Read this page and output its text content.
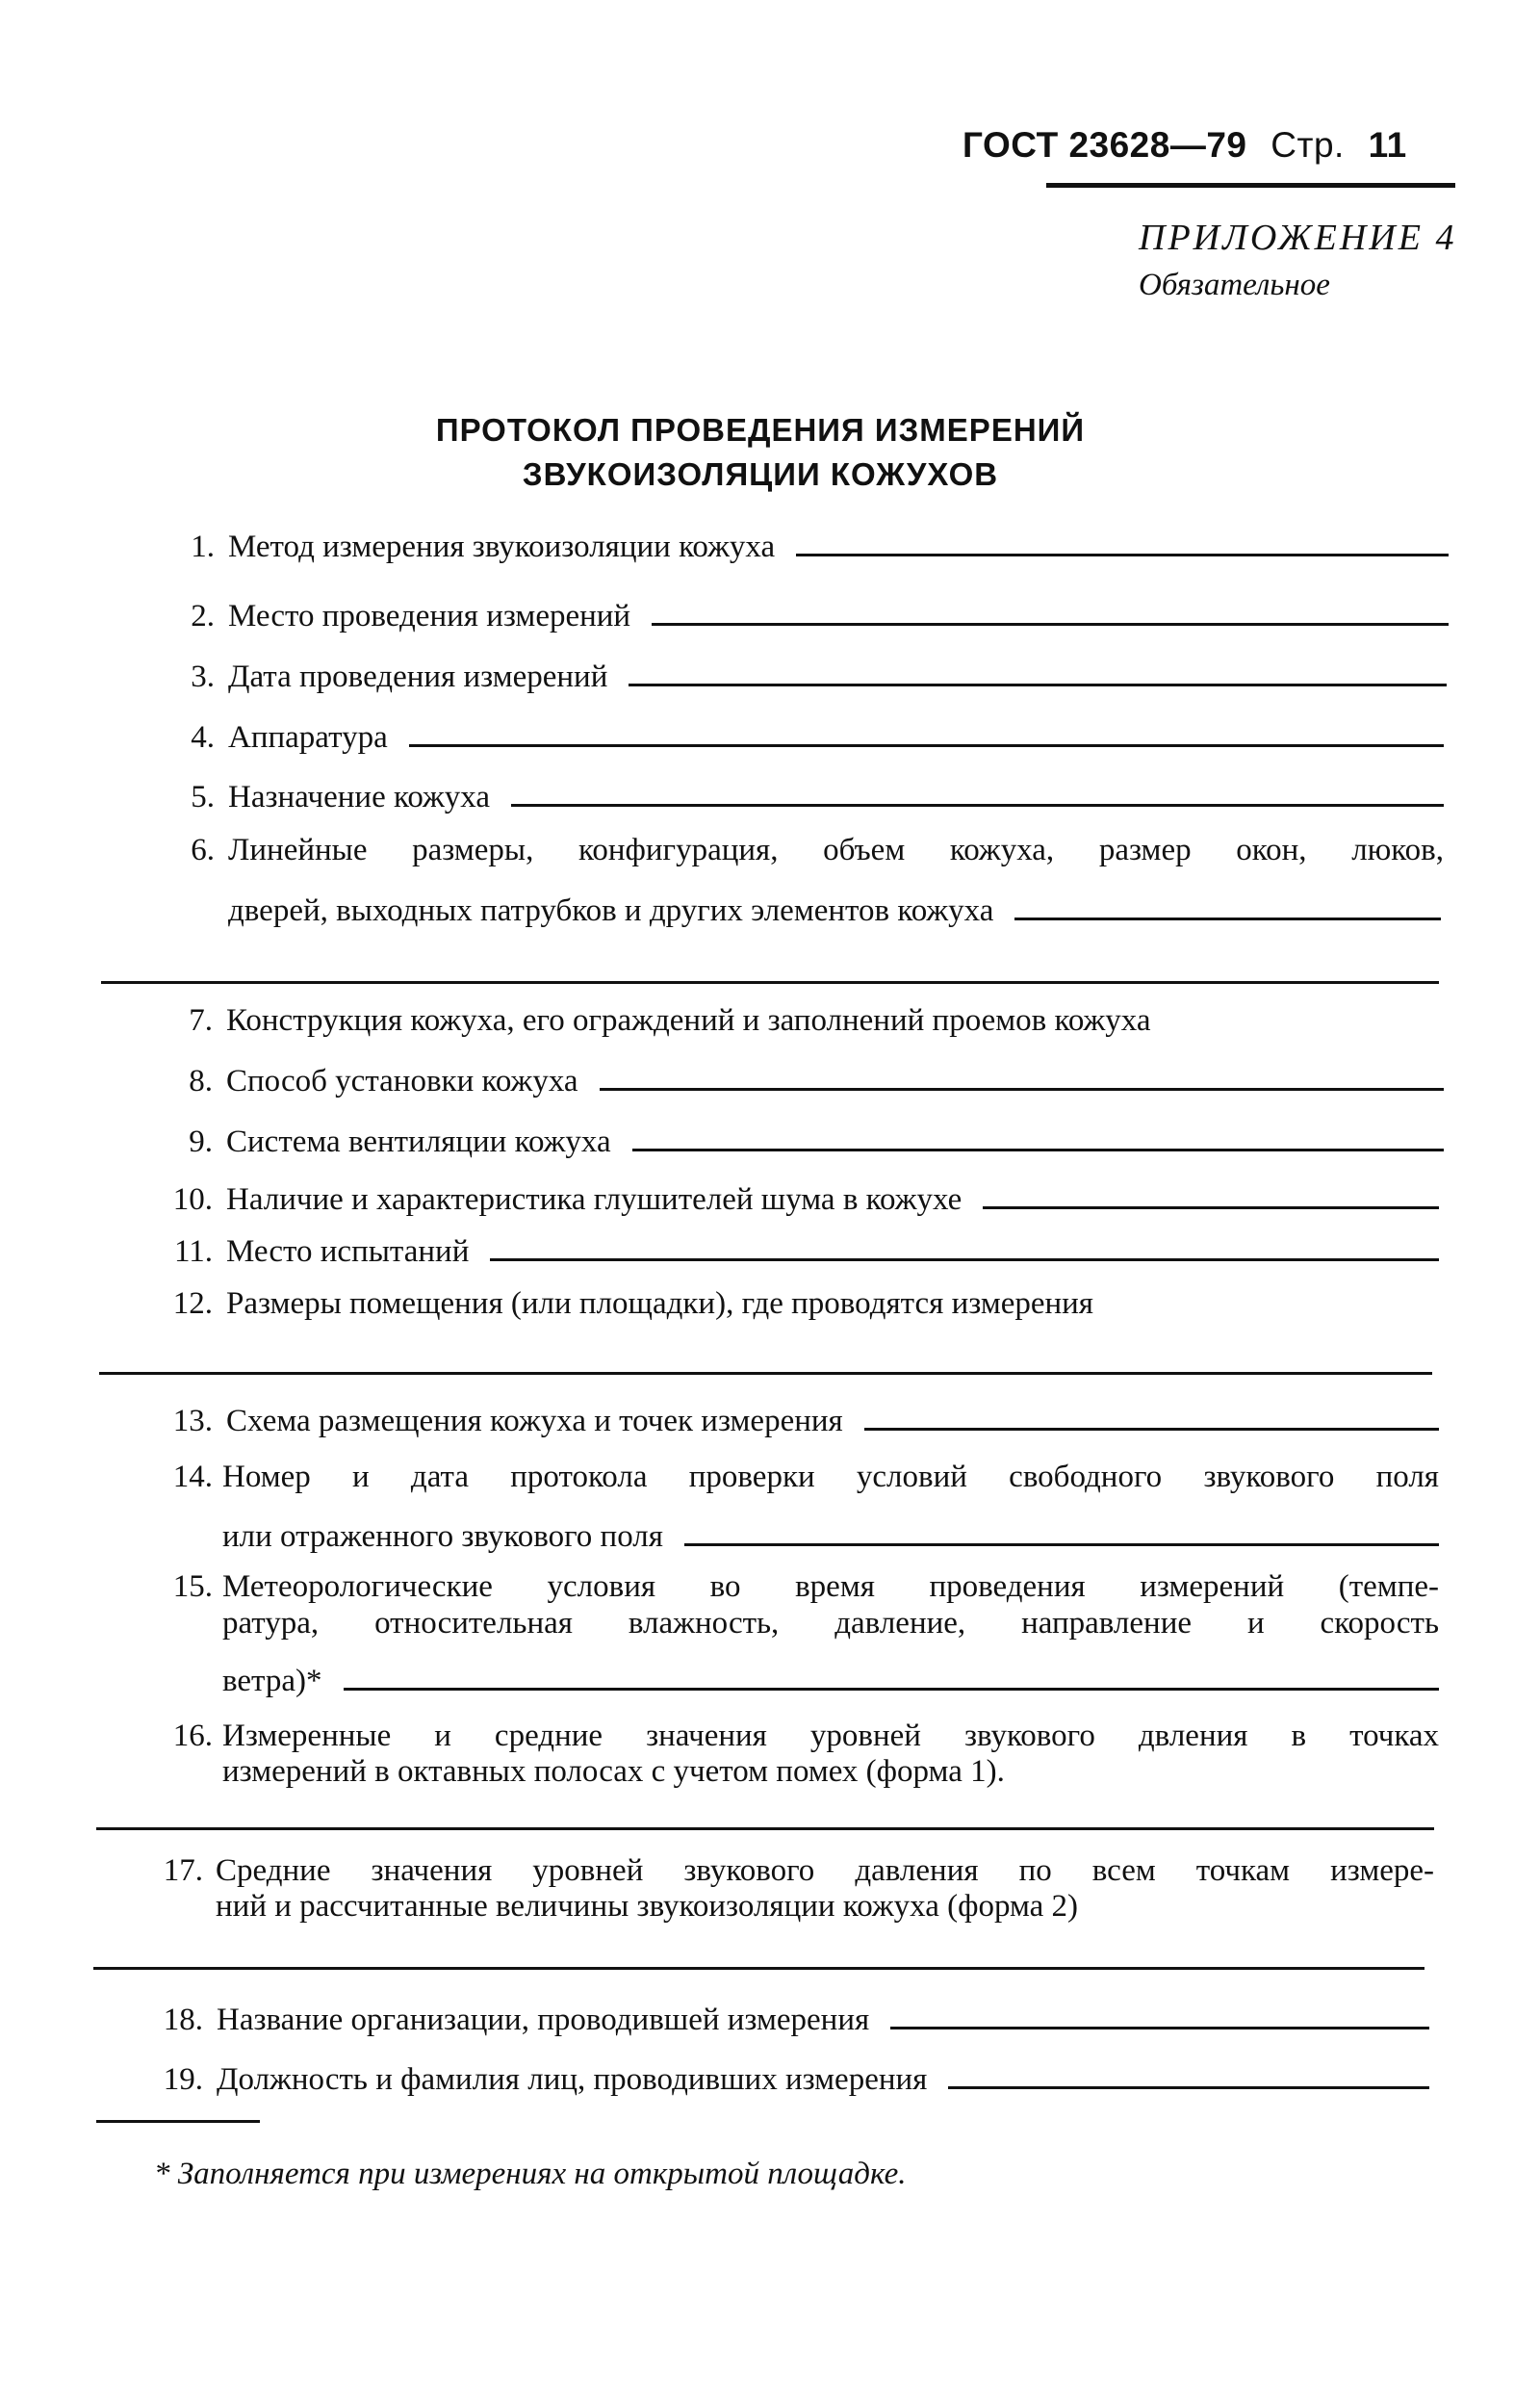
ГОСТ 23628—79 Стр. 11
ПРИЛОЖЕНИЕ 4
Обязательное
ПРОТОКОЛ ПРОВЕДЕНИЯ ИЗМЕРЕНИЙ
ЗВУКОИЗОЛЯЦИИ КОЖУХОВ
1. Метод измерения звукоизоляции кожуха
2. Место проведения измерений
3. Дата проведения измерений
4. Аппаратура
5. Назначение кожуха
6. Линейные размеры, конфигурация, объем кожуха, размер окон, люков,
дверей, выходных патрубков и других элементов кожуха
7. Конструкция кожуха, его ограждений и заполнений проемов кожуха
8. Способ установки кожуха
9. Система вентиляции кожуха
10. Наличие и характеристика глушителей шума в кожухе
11. Место испытаний
12. Размеры помещения (или площадки), где проводятся измерения
13. Схема размещения кожуха и точек измерения
14. Номер и дата протокола проверки условий свободного звукового поля
или отраженного звукового поля
15. Метеорологические условия во время проведения измерений (темпе-
ратура, относительная влажность, давление, направление и скорость
ветра)*
16. Измеренные и средние значения уровней звукового двления в точках
измерений в октавных полосах с учетом помех (форма 1).
17. Средние значения уровней звукового давления по всем точкам измере-
ний и рассчитанные величины звукоизоляции кожуха (форма 2)
18. Название организации, проводившей измерения
19. Должность и фамилия лиц, проводивших измерения
* Заполняется при измерениях на открытой площадке.
